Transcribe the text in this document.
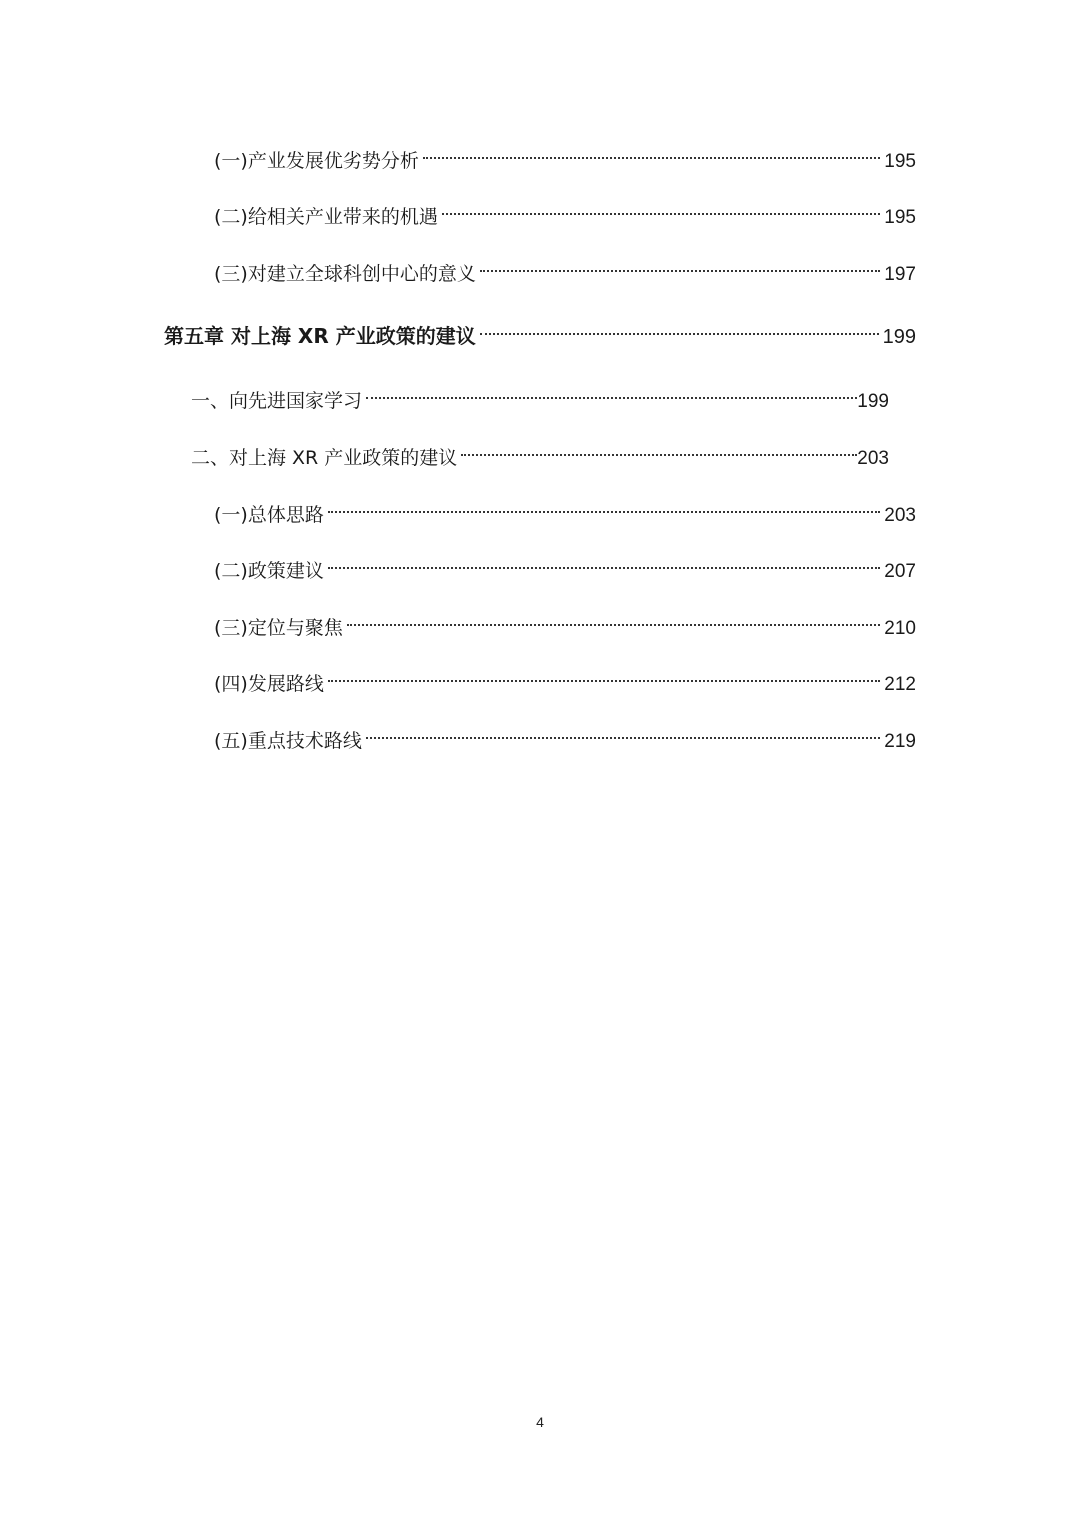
(一)产业发展优劣势分析	195
(二)给相关产业带来的机遇	195
(三)对建立全球科创中心的意义	197
第五章 对上海 XR 产业政策的建议	199
一、向先进国家学习	199
二、对上海 XR 产业政策的建议	203
(一)总体思路	203
(二)政策建议	207
(三)定位与聚焦	210
(四)发展路线	212
(五)重点技术路线	219
4
